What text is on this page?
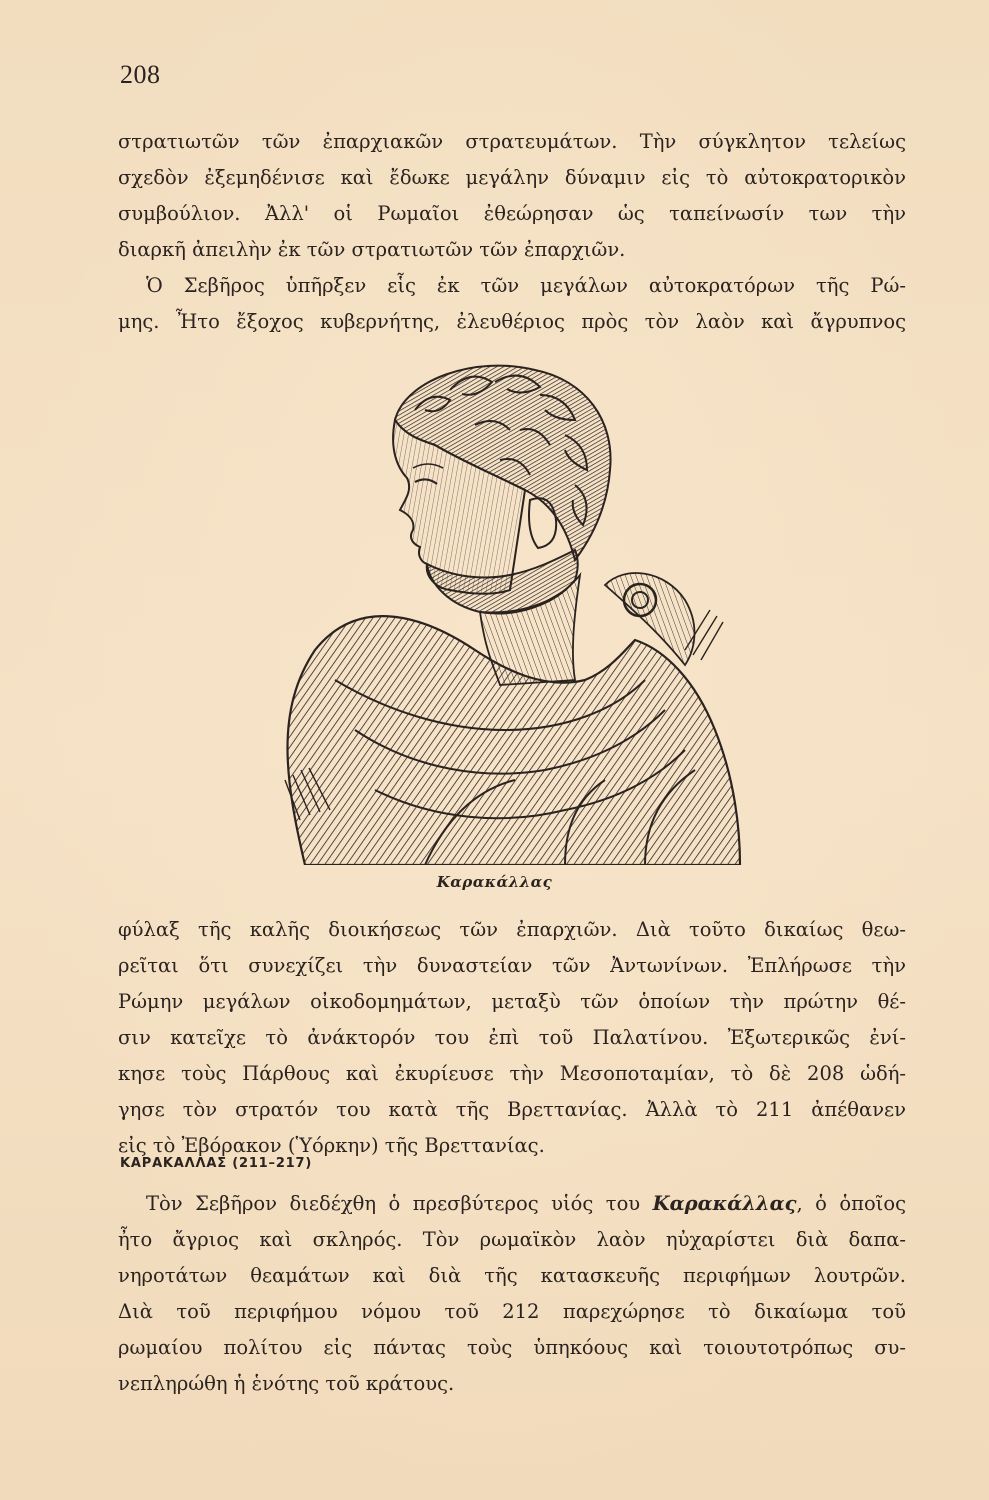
208
στρατιωτῶν τῶν ἐπαρχιακῶν στρατευμάτων. Τὴν σύγκλητον τελείως
σχεδὸν ἐξεμηδένισε καὶ ἔδωκε μεγάλην δύναμιν εἰς τὸ αὐτοκρατορικὸν
συμβούλιον. Ἀλλ' οἱ Ρωμαῖοι ἐθεώρησαν ὡς ταπείνωσίν των τὴν
διαρκῆ ἀπειλὴν ἐκ τῶν στρατιωτῶν τῶν ἐπαρχιῶν.
Ὁ Σεβῆρος ὑπῆρξεν εἷς ἐκ τῶν μεγάλων αὐτοκρατόρων τῆς Ρώ-
μης. Ἦτο ἔξοχος κυβερνήτης, ἐλευθέριος πρὸς τὸν λαὸν καὶ ἄγρυπνος
Καρακάλλας
φύλαξ τῆς καλῆς διοικήσεως τῶν ἐπαρχιῶν. Διὰ τοῦτο δικαίως θεω-
ρεῖται ὅτι συνεχίζει τὴν δυναστείαν τῶν Ἀντωνίνων. Ἐπλήρωσε τὴν
Ρώμην μεγάλων οἰκοδομημάτων, μεταξὺ τῶν ὁποίων τὴν πρώτην θέ-
σιν κατεῖχε τὸ ἀνάκτορόν του ἐπὶ τοῦ Παλατίνου. Ἐξωτερικῶς ἐνί-
κησε τοὺς Πάρθους καὶ ἐκυρίευσε τὴν Μεσοποταμίαν, τὸ δὲ 208 ὡδή-
γησε τὸν στρατόν του κατὰ τῆς Βρεττανίας. Ἀλλὰ τὸ 211 ἀπέθανεν
εἰς τὸ Ἐβόρακον (Ὑόρκην) τῆς Βρεττανίας.
ΚΑΡΑΚΑΛΛΑΣ (211–217)
Τὸν Σεβῆρον διεδέχθη ὁ πρεσβύτερος υἱός του Καρακάλλας, ὁ ὁποῖος
ἦτο ἄγριος καὶ σκληρός. Τὸν ρωμαϊκὸν λαὸν ηὐχαρίστει διὰ δαπα-
νηροτάτων θεαμάτων καὶ διὰ τῆς κατασκευῆς περιφήμων λουτρῶν.
Διὰ τοῦ περιφήμου νόμου τοῦ 212 παρεχώρησε τὸ δικαίωμα τοῦ
ρωμαίου πολίτου εἰς πάντας τοὺς ὑπηκόους καὶ τοιουτοτρόπως συ-
νεπληρώθη ἡ ἑνότης τοῦ κράτους.
